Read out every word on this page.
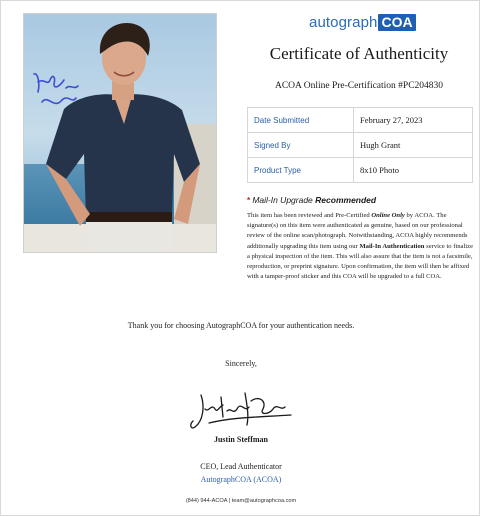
autograph COA
Certificate of Authenticity
ACOA Online Pre-Certification #PC204830
Date Submitted	February 27, 2023
Signed By	Hugh Grant
Product Type	8x10 Photo
* Mail-In Upgrade Recommended
This item has been reviewed and Pre-Certified Online Only by ACOA. The signature(s) on this item were authenticated as genuine, based on our professional review of the online scan/photograph. Notwithstanding, ACOA highly recommends additionally upgrading this item using our Mail-In Authentication service to finalize a physical inspection of the item. This will also assure that the item is not a facsimile, reproduction, or preprint signature. Upon confirmation, the item will then be affixed with a tamper-proof sticker and this COA will be upgraded to a full COA.
Thank you for choosing AutographCOA for your authentication needs.
Sincerely,
Justin Steffman
CEO, Lead Authenticator
AutographCOA (ACOA)
(844) 944-ACOA | team@autographcoa.com
